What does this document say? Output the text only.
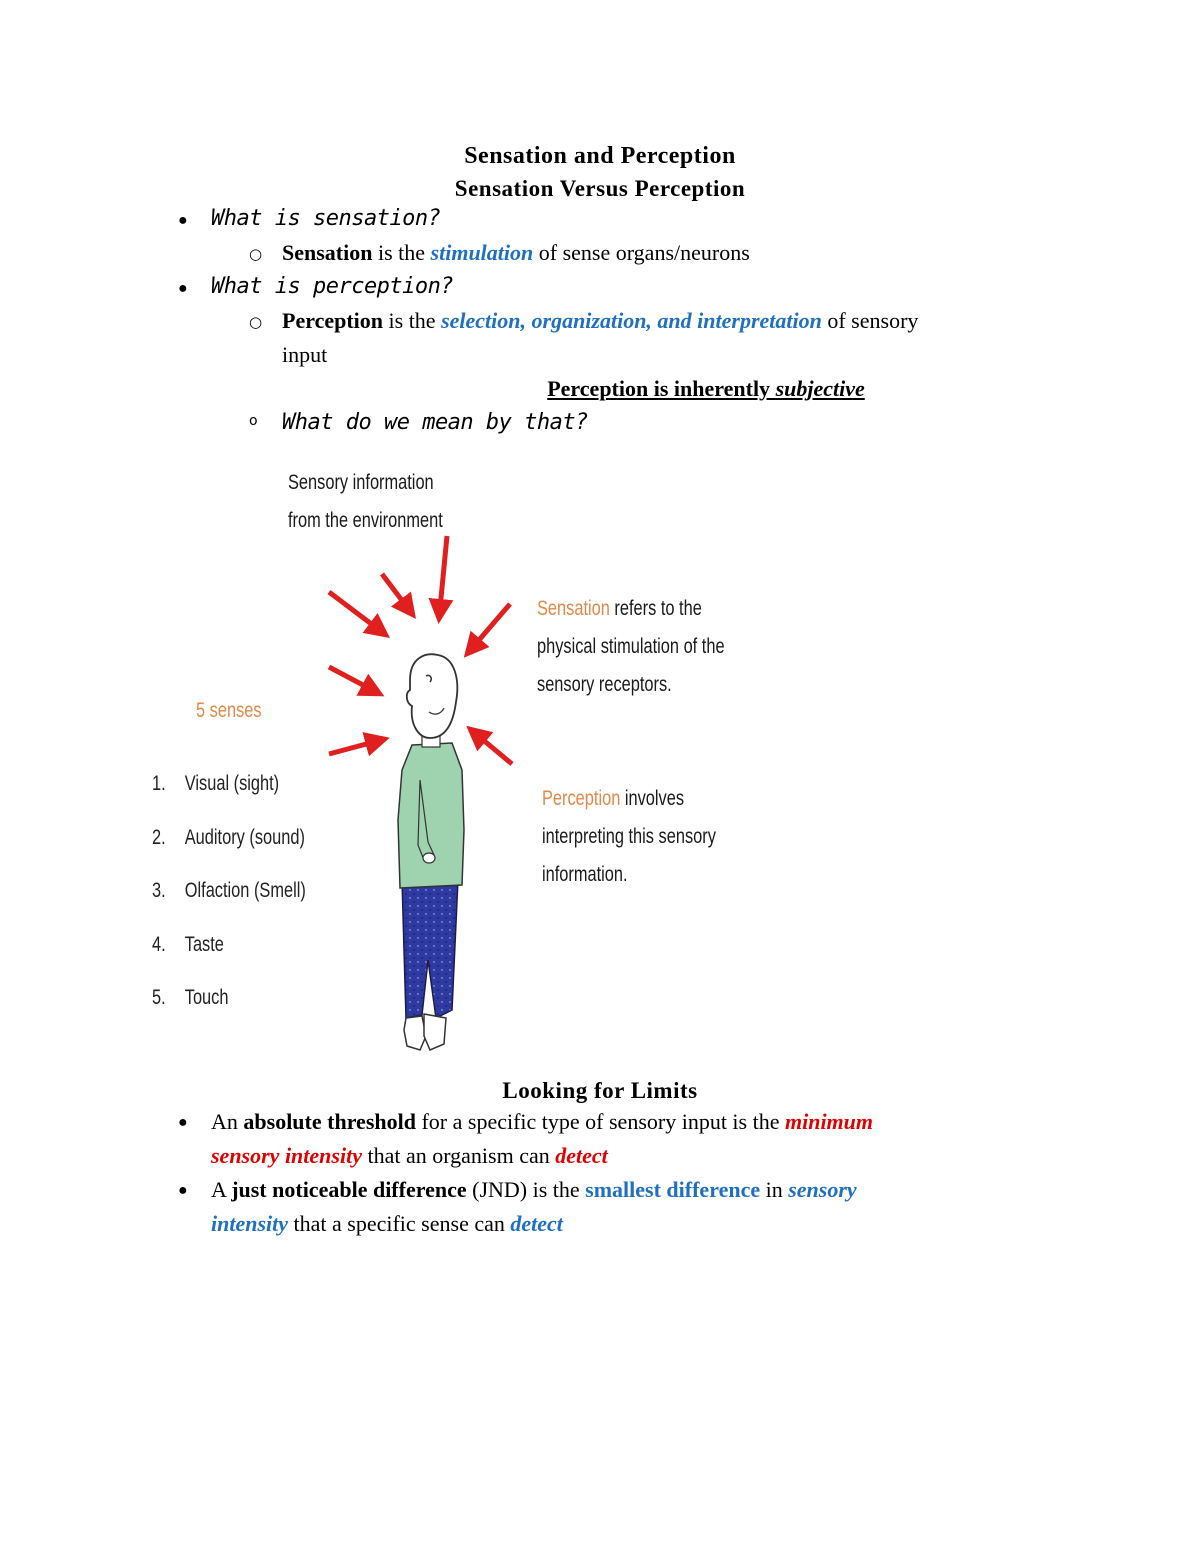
Sensation and Perception
Sensation Versus Perception
● What is sensation?
○ Sensation is the stimulation of sense organs/neurons
● What is perception?
○ Perception is the selection, organization, and interpretation of sensory
input
Perception is inherently subjective
o What do we mean by that?
Sensory information
from the environment
Sensation refers to the
physical stimulation of the
sensory receptors.
Perception involves
interpreting this sensory
information.
5 senses
1. Visual (sight)
2. Auditory (sound)
3. Olfaction (Smell)
4. Taste
5. Touch
Looking for Limits
● An absolute threshold for a specific type of sensory input is the minimum
sensory intensity that an organism can detect
● A just noticeable difference (JND) is the smallest difference in sensory
intensity that a specific sense can detect
